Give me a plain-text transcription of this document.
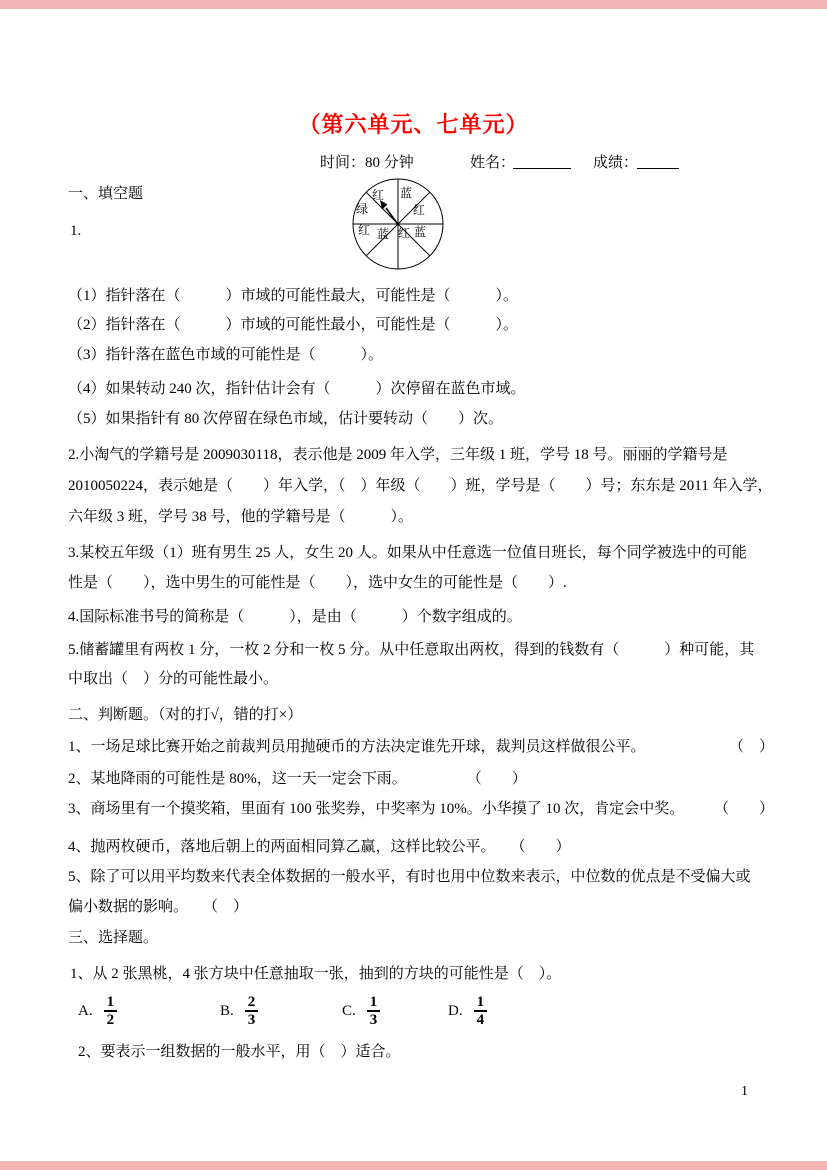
（第六单元、七单元）
时间：80 分钟	姓名：	成绩：
一、填空题
1.
红 蓝
红
蓝
红
蓝
红
绿
（1）指针落在（　　　）市域的可能性最大，可能性是（　　　）。
（2）指针落在（　　　）市域的可能性最小，可能性是（　　　）。
（3）指针落在蓝色市域的可能性是（　　　）。
（4）如果转动 240 次，指针估计会有（　　　）次停留在蓝色市域。
（5）如果指针有 80 次停留在绿色市域，估计要转动（　　）次。
2.小淘气的学籍号是 2009030118，表示他是 2009 年入学，三年级 1 班，学号 18 号。丽丽的学籍号是
2010050224，表示她是（　　）年入学，（　）年级（　　）班，学号是（　　）号；东东是 2011 年入学，
六年级 3 班，学号 38 号，他的学籍号是（　　　）。
3.某校五年级（1）班有男生 25 人，女生 20 人。如果从中任意选一位值日班长，每个同学被选中的可能
性是（　　），选中男生的可能性是（　　），选中女生的可能性是（　　）.
4.国际标准书号的简称是（　　　），是由（　　　）个数字组成的。
5.储蓄罐里有两枚 1 分，一枚 2 分和一枚 5 分。从中任意取出两枚，得到的钱数有（　　　）种可能，其
中取出（　）分的可能性最小。
二、判断题。（对的打√，错的打×）
1、一场足球比赛开始之前裁判员用抛硬币的方法决定谁先开球，裁判员这样做很公平。	（　）
2、某地降雨的可能性是 80%，这一天一定会下雨。　　　　　（　　）
3、商场里有一个摸奖箱，里面有 100 张奖券，中奖率为 10%。小华摸了 10 次，肯定会中奖。 （　　）
4、抛两枚硬币，落地后朝上的两面相同算乙赢，这样比较公平。　　（　　）
5、除了可以用平均数来代表全体数据的一般水平，有时也用中位数来表示，中位数的优点是不受偏大或
偏小数据的影响。　　（　）
三、选择题。
1、从 2 张黑桃，4 张方块中任意抽取一张，抽到的方块的可能性是（　）。
A. $\frac{1}{2}$	B. $\frac{2}{3}$	C. $\frac{1}{3}$	D. $\frac{1}{4}$
2、要表示一组数据的一般水平，用（　）适合。
1
